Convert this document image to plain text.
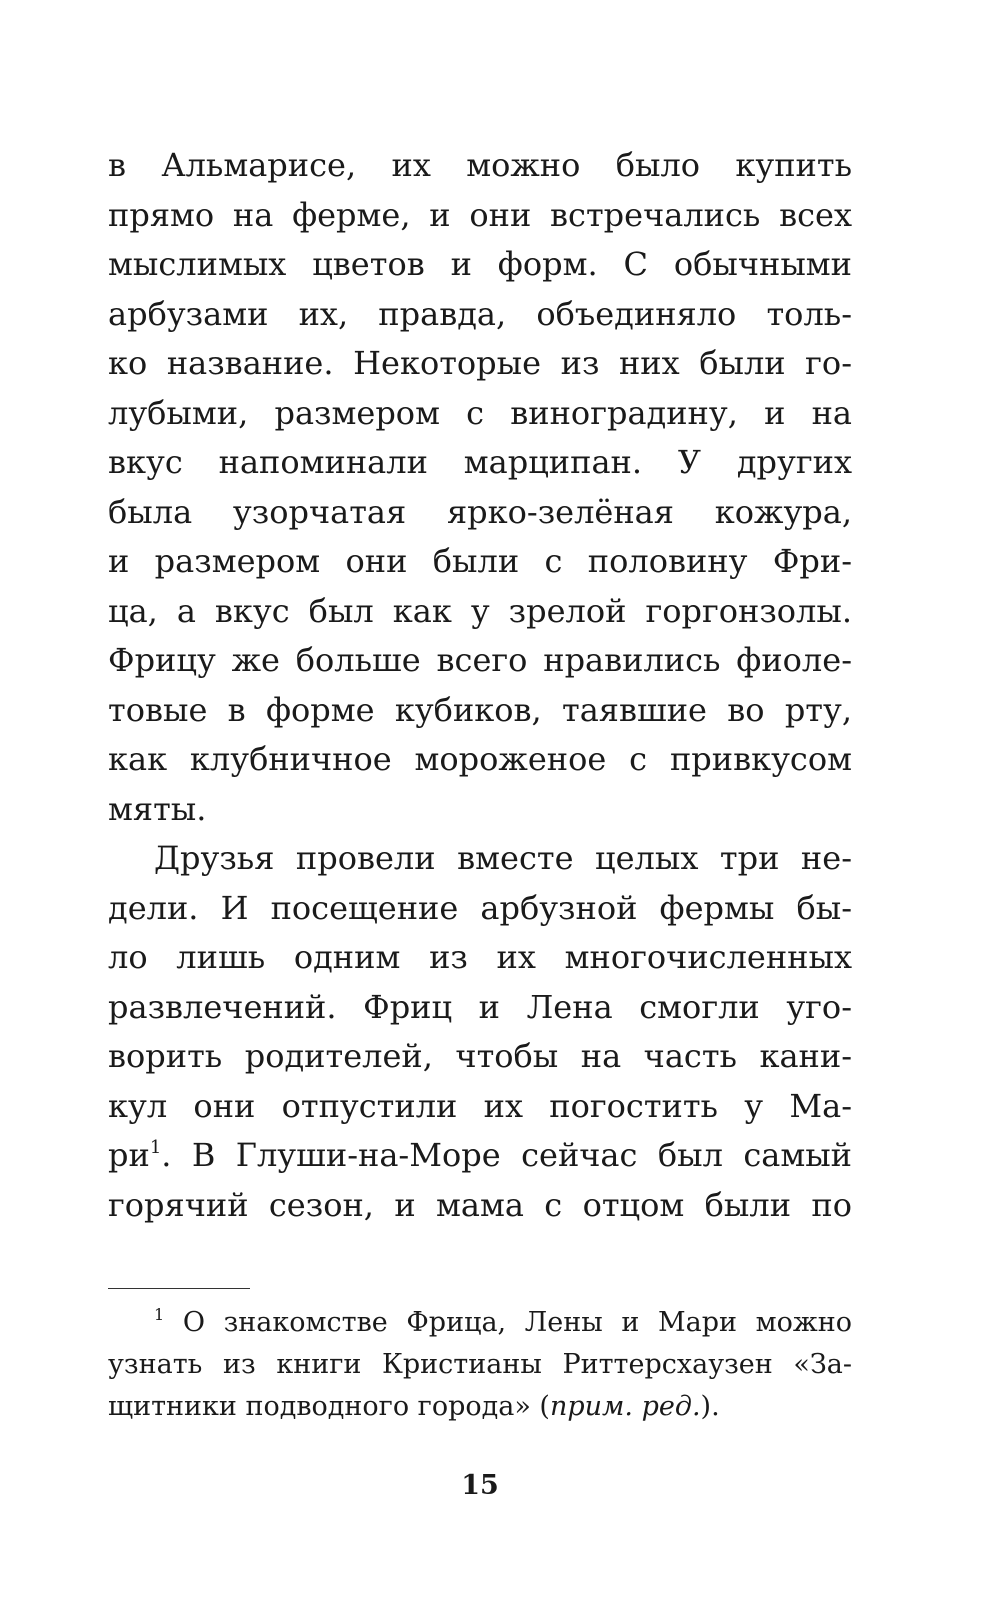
в Альмарисе, их можно было купить
прямо на ферме, и они встречались всех
мыслимых цветов и форм. С обычными
арбузами их, правда, объединяло толь-
ко название. Некоторые из них были го-
лубыми, размером с виноградину, и на
вкус напоминали марципан. У других
была узорчатая ярко-зелёная кожура,
и размером они были с половину Фри-
ца, а вкус был как у зрелой горгонзолы.
Фрицу же больше всего нравились фиоле-
товые в форме кубиков, таявшие во рту,
как клубничное мороженое с привкусом
мяты.
Друзья провели вместе целых три не-
дели. И посещение арбузной фермы бы-
ло лишь одним из их многочисленных
развлечений. Фриц и Лена смогли уго-
ворить родителей, чтобы на часть кани-
кул они отпустили их погостить у Ма-
$ри^1$. В Глуши-на-Море сейчас был самый
горячий сезон, и мама с отцом были по
$^1$ О знакомстве Фрица, Лены и Мари можно
узнать из книги Кристианы Риттерсхаузен «За-
щитники подводного города» (прим. ред.).
15
